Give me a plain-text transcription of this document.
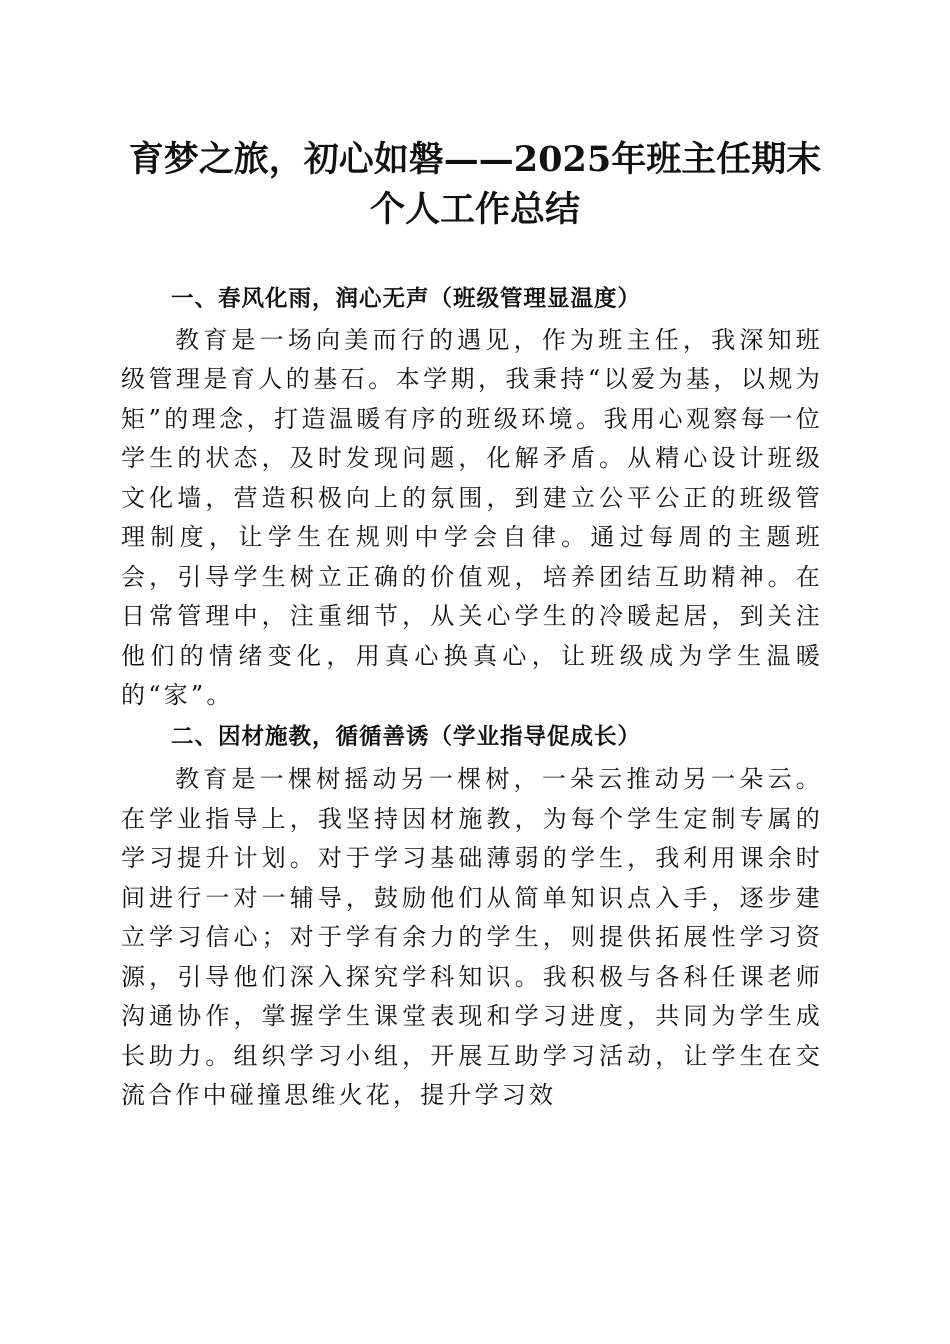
育梦之旅，初心如磐——2025年班主任期末
个人工作总结

一、春风化雨，润心无声（班级管理显温度）

教育是一场向美而行的遇见，作为班主任，我深知班级管理是育人的基石。本学期，我秉持“以爱为基，以规为矩”的理念，打造温暖有序的班级环境。我用心观察每一位学生的状态，及时发现问题，化解矛盾。从精心设计班级文化墙，营造积极向上的氛围，到建立公平公正的班级管理制度，让学生在规则中学会自律。通过每周的主题班会，引导学生树立正确的价值观，培养团结互助精神。在日常管理中，注重细节，从关心学生的冷暖起居，到关注他们的情绪变化，用真心换真心，让班级成为学生温暖的“家”。

二、因材施教，循循善诱（学业指导促成长）

教育是一棵树摇动另一棵树，一朵云推动另一朵云。在学业指导上，我坚持因材施教，为每个学生定制专属的学习提升计划。对于学习基础薄弱的学生，我利用课余时间进行一对一辅导，鼓励他们从简单知识点入手，逐步建立学习信心；对于学有余力的学生，则提供拓展性学习资源，引导他们深入探究学科知识。我积极与各科任课老师沟通协作，掌握学生课堂表现和学习进度，共同为学生成长助力。组织学习小组，开展互助学习活动，让学生在交流合作中碰撞思维火花，提升学习效
